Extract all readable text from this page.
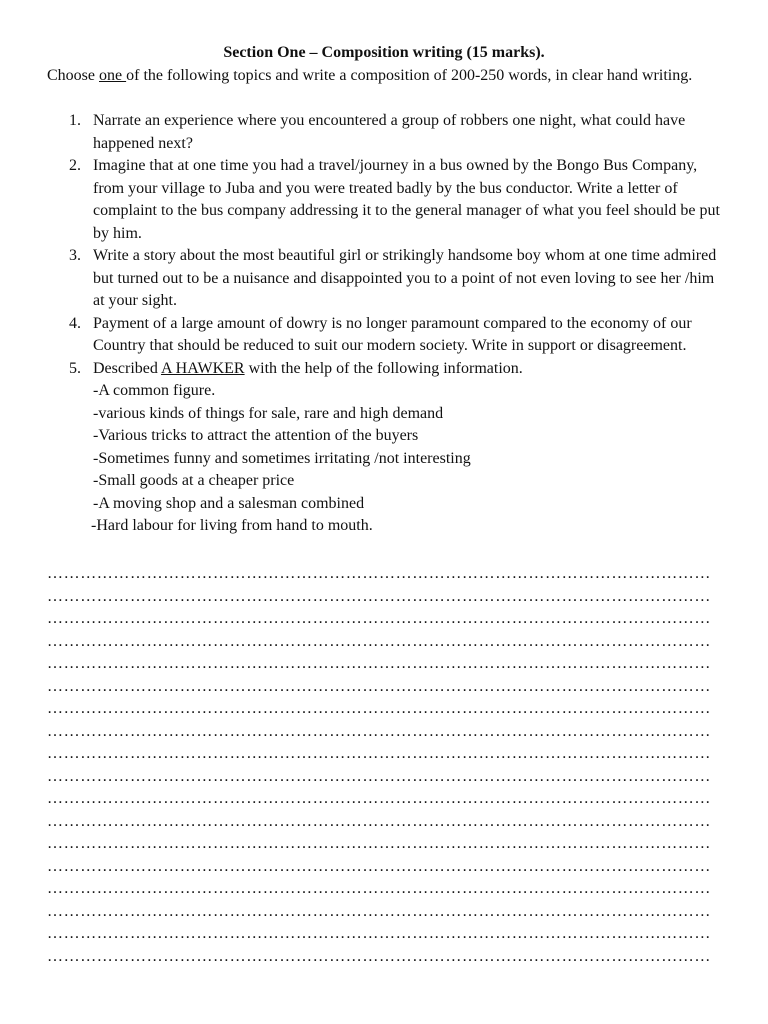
Section One – Composition writing (15 marks).

Choose one of the following topics and write a composition of 200-250 words, in clear hand writing.

1. Narrate an experience where you encountered a group of robbers one night, what could have happened next?
2. Imagine that at one time you had a travel/journey in a bus owned by the Bongo Bus Company, from your village to Juba and you were treated badly by the bus conductor. Write a letter of complaint to the bus company addressing it to the general manager of what you feel should be put by him.
3. Write a story about the most beautiful girl or strikingly handsome boy whom at one time admired but turned out to be a nuisance and disappointed you to a point of not even loving to see her /him at your sight.
4. Payment of a large amount of dowry is no longer paramount compared to the economy of our Country that should be reduced to suit our modern society. Write in support or disagreement.
5. Described A HAWKER with the help of the following information.
-A common figure.
-various kinds of things for sale, rare and high demand
-Various tricks to attract the attention of the buyers
-Sometimes funny and sometimes irritating /not interesting
-Small goods at a cheaper price
-A moving shop and a salesman combined
-Hard labour for living from hand to mouth.
…………………………………………………………………………………………………………
…………………………………………………………………………………………………………
…………………………………………………………………………………………………………
…………………………………………………………………………………………………………
…………………………………………………………………………………………………………
…………………………………………………………………………………………………………
…………………………………………………………………………………………………………
…………………………………………………………………………………………………………
…………………………………………………………………………………………………………
…………………………………………………………………………………………………………
…………………………………………………………………………………………………………
…………………………………………………………………………………………………………
…………………………………………………………………………………………………………
…………………………………………………………………………………………………………
…………………………………………………………………………………………………………
…………………………………………………………………………………………………………
…………………………………………………………………………………………………………
…………………………………………………………………………………………………………
